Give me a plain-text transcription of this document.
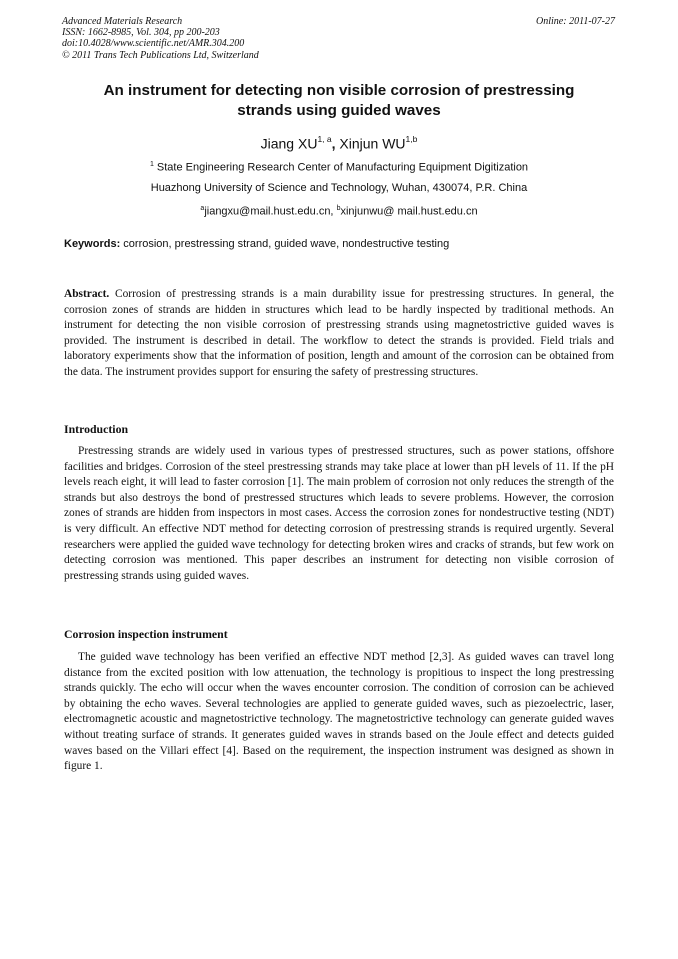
Advanced Materials Research
ISSN: 1662-8985, Vol. 304, pp 200-203
doi:10.4028/www.scientific.net/AMR.304.200
© 2011 Trans Tech Publications Ltd, Switzerland
Online: 2011-07-27
An instrument for detecting non visible corrosion of prestressing
strands using guided waves
Jiang XU$^{1, a}$, Xinjun WU$^{1,b}$
$^1$ State Engineering Research Center of Manufacturing Equipment Digitization
Huazhong University of Science and Technology, Wuhan, 430074, P.R. China
$^a$jiangxu@mail.hust.edu.cn, $^b$xinjunwu@ mail.hust.edu.cn
Keywords: corrosion, prestressing strand, guided wave, nondestructive testing

Abstract. Corrosion of prestressing strands is a main durability issue for prestressing structures. In general, the corrosion zones of strands are hidden in structures which lead to be hardly inspected by traditional methods. An instrument for detecting the non visible corrosion of prestressing strands using magnetostrictive guided waves is provided. The instrument is described in detail. The workflow to detect the strands is provided. Field trials and laboratory experiments show that the information of position, length and amount of the corrosion can be obtained from the data. The instrument provides support for ensuring the safety of prestressing structures.

Introduction

Prestressing strands are widely used in various types of prestressed structures, such as power stations, offshore facilities and bridges. Corrosion of the steel prestressing strands may take place at lower than pH levels of 11. If the pH levels reach eight, it will lead to faster corrosion [1]. The main problem of corrosion not only reduces the strength of the strands but also destroys the bond of prestressed structures which leads to severe problems. However, the corrosion zones of strands are hidden from inspectors in most cases. Access the corrosion zones for nondestructive testing (NDT) is very difficult. An effective NDT method for detecting corrosion of prestressing strands is required urgently. Several researchers were applied the guided wave technology for detecting broken wires and cracks of strands, but few work on detecting corrosion was mentioned. This paper describes an instrument for detecting non visible corrosion of prestressing strands using guided waves.

Corrosion inspection instrument

The guided wave technology has been verified an effective NDT method [2,3]. As guided waves can travel long distance from the excited position with low attenuation, the technology is propitious to inspect the long prestressing strands quickly. The echo will occur when the waves encounter corrosion. The condition of corrosion can be achieved by obtaining the echo waves. Several technologies are applied to generate guided waves, such as piezoelectric, laser, electromagnetic acoustic and magnetostrictive technology. The magnetostrictive technology can generate guided waves without treating surface of strands. It generates guided waves in strands based on the Joule effect and detects guided waves based on the Villari effect [4]. Based on the requirement, the inspection instrument was designed as shown in figure 1.
